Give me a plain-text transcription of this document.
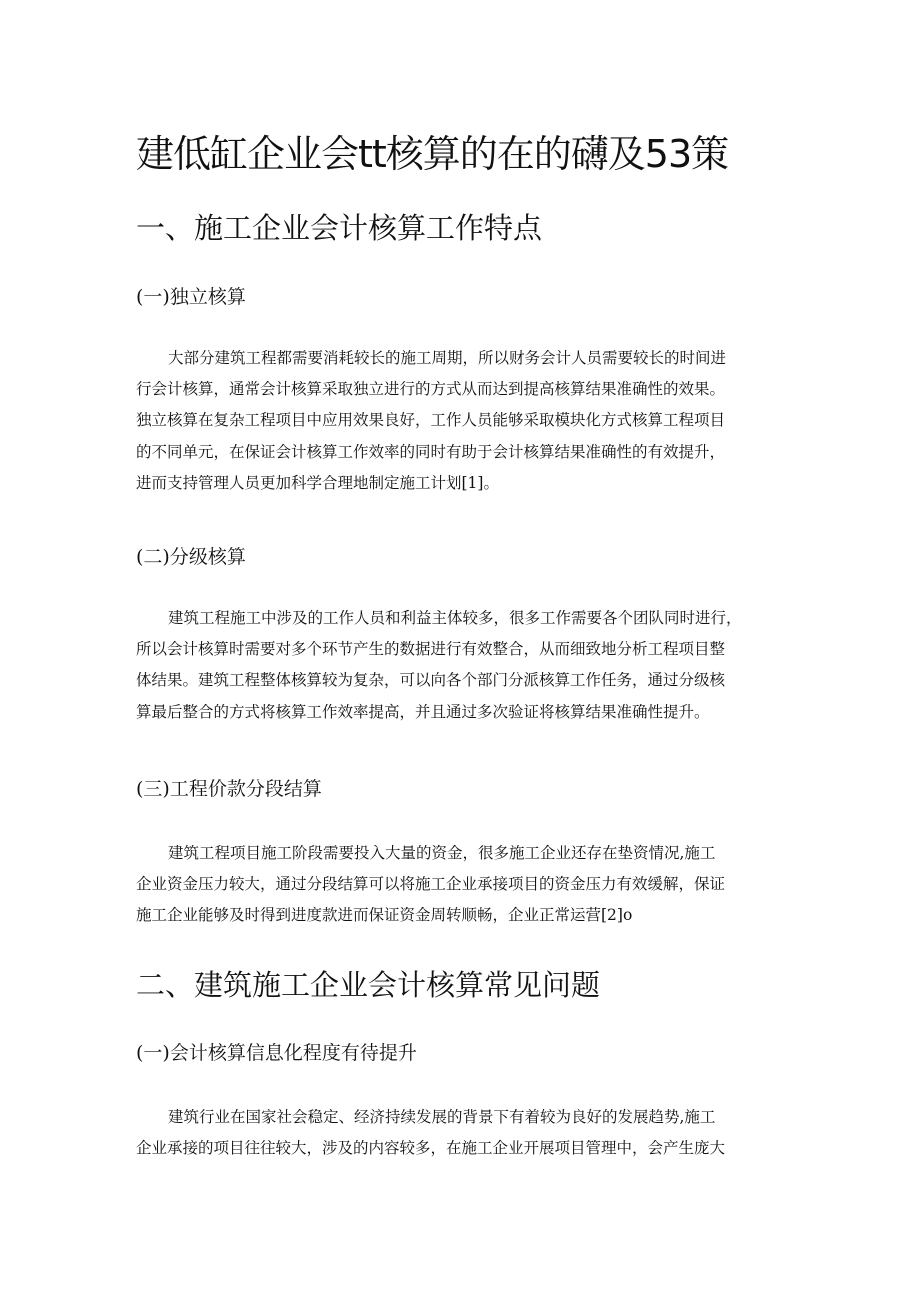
建低缸企业会tt核算的在的礴及53策
一、施工企业会计核算工作特点
(一)独立核算
大部分建筑工程都需要消耗较长的施工周期，所以财务会计人员需要较长的时间进
行会计核算，通常会计核算采取独立进行的方式从而达到提高核算结果准确性的效果。
独立核算在复杂工程项目中应用效果良好，工作人员能够采取模块化方式核算工程项目
的不同单元，在保证会计核算工作效率的同时有助于会计核算结果准确性的有效提升，
进而支持管理人员更加科学合理地制定施工计划[1]。
(二)分级核算
建筑工程施工中涉及的工作人员和利益主体较多，很多工作需要各个团队同时进行，
所以会计核算时需要对多个环节产生的数据进行有效整合，从而细致地分析工程项目整
体结果。建筑工程整体核算较为复杂，可以向各个部门分派核算工作任务，通过分级核
算最后整合的方式将核算工作效率提高，并且通过多次验证将核算结果准确性提升。
(三)工程价款分段结算
建筑工程项目施工阶段需要投入大量的资金，很多施工企业还存在垫资情况,施工
企业资金压力较大，通过分段结算可以将施工企业承接项目的资金压力有效缓解，保证
施工企业能够及时得到进度款进而保证资金周转顺畅，企业正常运营[2]o
二、建筑施工企业会计核算常见问题
(一)会计核算信息化程度有待提升
建筑行业在国家社会稳定、经济持续发展的背景下有着较为良好的发展趋势,施工
企业承接的项目往往较大，涉及的内容较多，在施工企业开展项目管理中，会产生庞大
